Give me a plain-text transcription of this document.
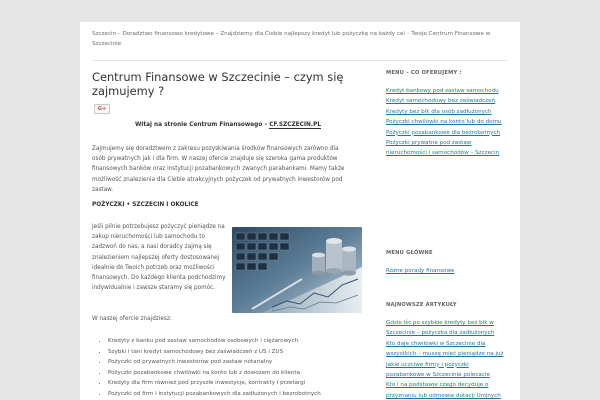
Szczecin – Doradztwo finansowo kredytowe – Znajdziemy dla Ciebie najlepszy kredyt lub pożyczkę na każdy cel – Twoje Centrum Finansowe w Szczecinie
Centrum Finansowe w Szczecinie – czym się zajmujemy ?
G+
Witaj na stronie Centrum Finansowego – CF.SZCZECIN.PL
Zajmujemy się doradztwem z zakresu pozyskiwania środków finansowych zarówno dla osób prywatnych jak i dla firm. W naszej ofercie znajduje się szeroka gama produktów finansowych banków oraz instytucji pozabankowych zwanych parabankami. Mamy także możliwość znalezienia dla Ciebie atrakcyjnych pożyczek od prywatnych inwestorów pod zastaw.
POŻYCZKI • SZCZECIN I OKOLICE
Jeśli pilnie potrzebujesz pożyczyć pieniądze na zakup nieruchomości lub samochodu to zadzwoń do nas, a nasi doradcy zajmą się znalezieniem najlepszej oferty dostosowanej idealnie do Twoich potrzeb oraz możliwości finansowych. Do każdego klienta podchodzimy indywidualnie i zawsze staramy się pomóc.
W naszej ofercie znajdziesz:
• Kredyty z banku pod zastaw samochodów osobowych i ciężarowych
• Szybki i tani kredyt samochodowy bez zaświadczeń z US i ZUS
• Pożyczki od prywatnych inwestorów pod zastaw notarialny
• Pożyczki pozabankowe chwilówki na konto lub z dowozem do klienta
• Kredyty dla firm również pod przyszłe inwestycje, kontrakty i przetargi
• Pożyczki od firm i instytucji pozabankowych dla zadłużonych i bezrobotnych
MENU – CO OFERUJEMY :
Kredyt bankowy pod zastaw samochodu
Kredyt samochodowy bez zaświadczeń
Kredyty bez bik dla osób zadłużonych
Pożyczki chwilówki na konto lub do domu
Pożyczki pozabankowe dla bezrobotnych
Pożyczki prywatne pod zastaw nieruchomości i samochodów – Szczecin
MENU GŁÓWNE
Różne porady finansowe
NAJNOWSZE ARTYKUŁY
Gdzie iść po szybkie kredyty bez bik w Szczecinie – pożyczka dla zadłużonych
Kto daje chwilówki w Szczecinie dla wszystkich – muszę mieć pieniądze na już
Jakie uczciwe firmy i pożyczki pozabankowe w Szczecinie polecacie
Kto i na podstawie czego decyduje o przyznaniu lub odmowie dotacji Unijnych
